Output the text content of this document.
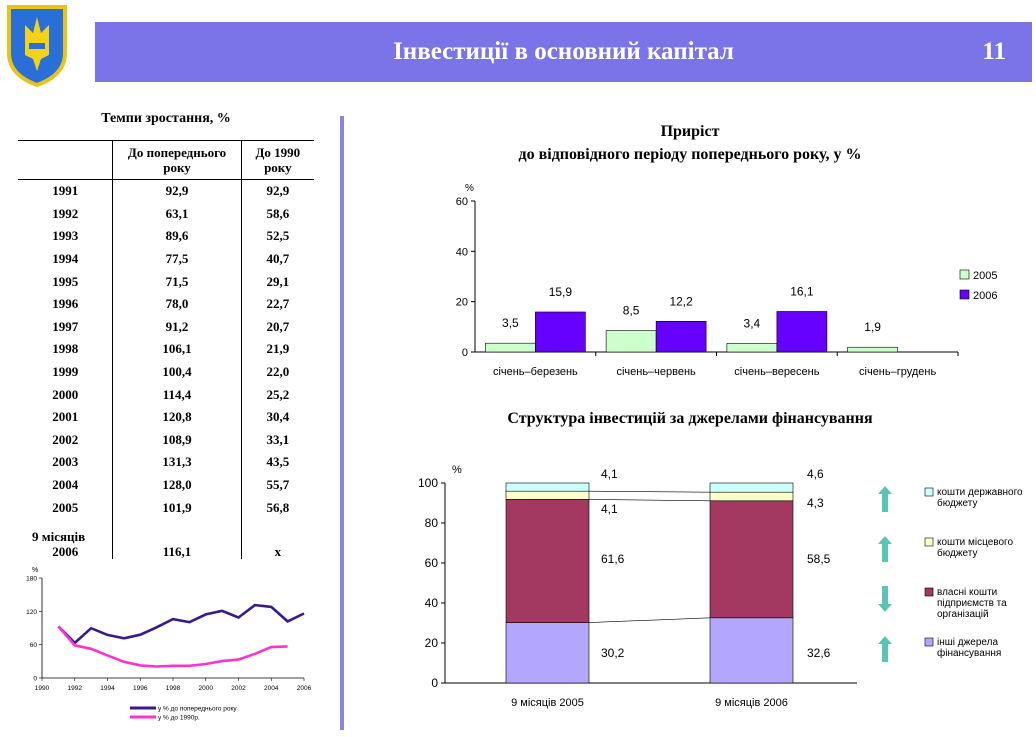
Інвестиції в основний капітал	11
Темпи зростання, %
	До попереднього року	До 1990 року
1991	92,9	92,9
1992	63,1	58,6
1993	89,6	52,5
1994	77,5	40,7
1995	71,5	29,1
1996	78,0	22,7
1997	91,2	20,7
1998	106,1	21,9
1999	100,4	22,0
2000	114,4	25,2
2001	120,8	30,4
2002	108,9	33,1
2003	131,3	43,5
2004	128,0	55,7
2005	101,9	56,8

9 місяців
2006	116,1	х
%
0
60
120
180
1990	1992	1994	1996	1998	2000	2002	2004	2006
у % до попереднього року
у % до 1990р.
Приріст
до відповідного періоду попереднього року, у %
%
0
20
40
60
січень–березень
3,5
15,9
січень–червень
8,5
12,2
січень–вересень
3,4
16,1
січень–грудень
1,9
2005
2006
Структура інвестицій за джерелами фінансування
%
0
20
40
60
80
100
9 місяців 2005	9 місяців 2006
30,2	32,6
61,6	58,5
4,1	4,3
4,1	4,6
кошти державного бюджету
кошти місцевого бюджету
власні кошти підприємств та організацій
інші джерела фінансування
